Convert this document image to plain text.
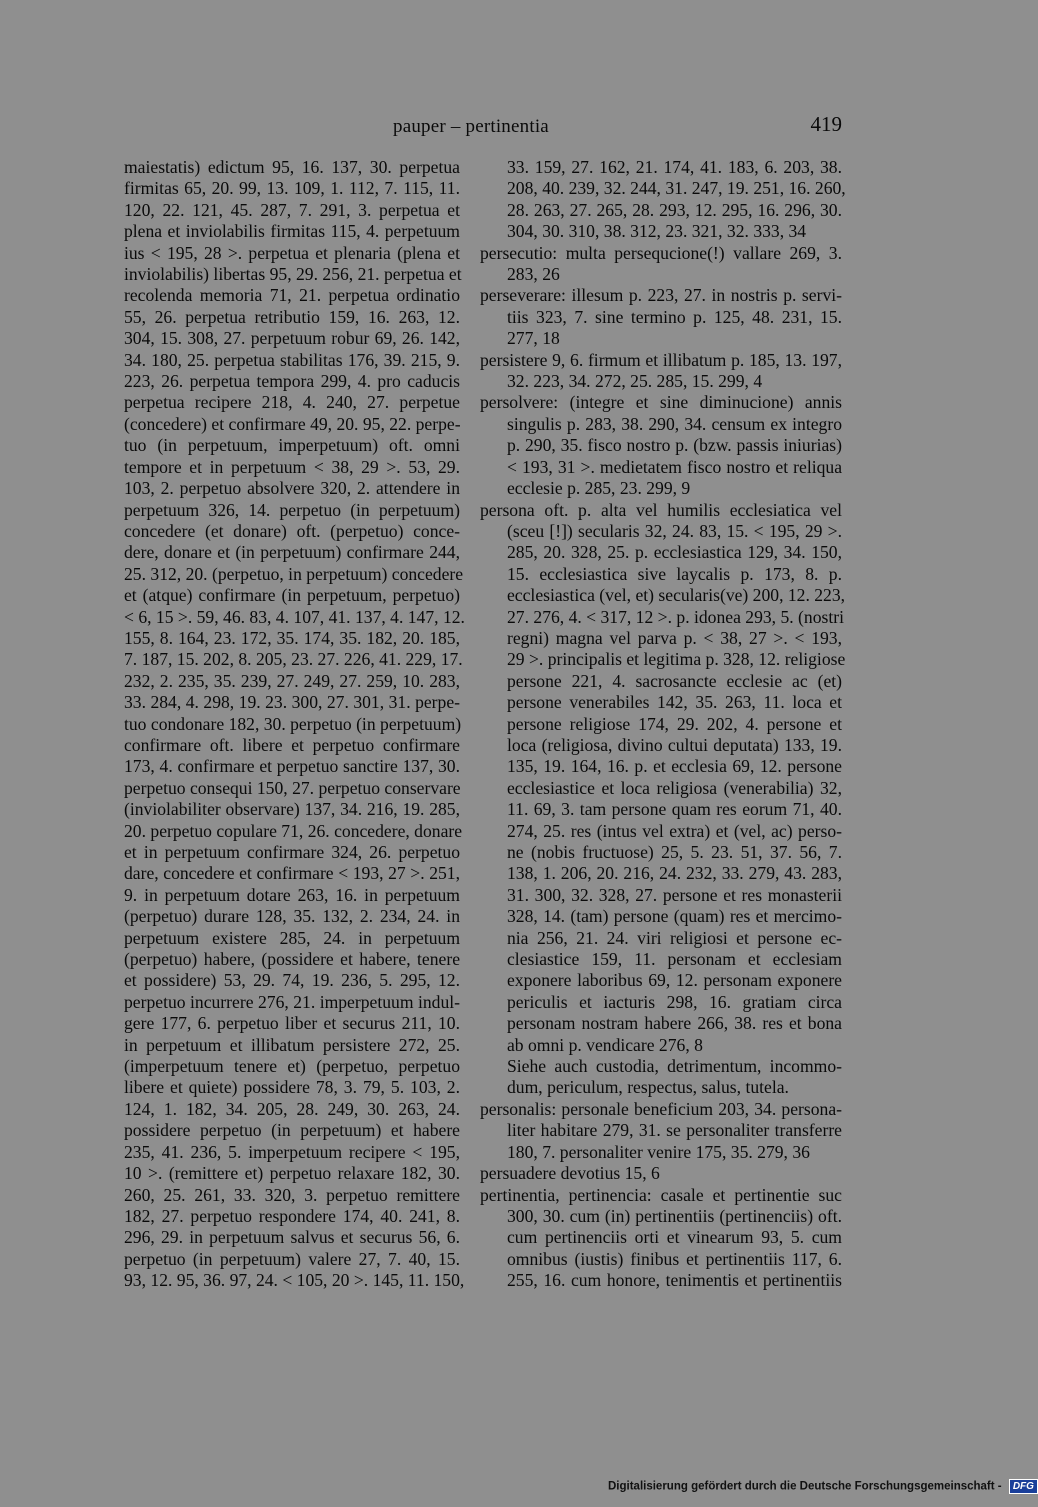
pauper – pertinentia	419
maiestatis) edictum 95, 16. 137, 30. perpetua
firmitas 65, 20. 99, 13. 109, 1. 112, 7. 115, 11.
120, 22. 121, 45. 287, 7. 291, 3. perpetua et
plena et inviolabilis firmitas 115, 4. perpetuum
ius < 195, 28 >. perpetua et plenaria (plena et
inviolabilis) libertas 95, 29. 256, 21. perpetua et
recolenda memoria 71, 21. perpetua ordinatio
55, 26. perpetua retributio 159, 16. 263, 12.
304, 15. 308, 27. perpetuum robur 69, 26. 142,
34. 180, 25. perpetua stabilitas 176, 39. 215, 9.
223, 26. perpetua tempora 299, 4. pro caducis
perpetua recipere 218, 4. 240, 27. perpetue
(concedere) et confirmare 49, 20. 95, 22. perpe-
tuo (in perpetuum, imperpetuum) oft. omni
tempore et in perpetuum < 38, 29 >. 53, 29.
103, 2. perpetuo absolvere 320, 2. attendere in
perpetuum 326, 14. perpetuo (in perpetuum)
concedere (et donare) oft. (perpetuo) conce-
dere, donare et (in perpetuum) confirmare 244,
25. 312, 20. (perpetuo, in perpetuum) concedere
et (atque) confirmare (in perpetuum, perpetuo)
< 6, 15 >. 59, 46. 83, 4. 107, 41. 137, 4. 147, 12.
155, 8. 164, 23. 172, 35. 174, 35. 182, 20. 185,
7. 187, 15. 202, 8. 205, 23. 27. 226, 41. 229, 17.
232, 2. 235, 35. 239, 27. 249, 27. 259, 10. 283,
33. 284, 4. 298, 19. 23. 300, 27. 301, 31. perpe-
tuo condonare 182, 30. perpetuo (in perpetuum)
confirmare oft. libere et perpetuo confirmare
173, 4. confirmare et perpetuo sanctire 137, 30.
perpetuo consequi 150, 27. perpetuo conservare
(inviolabiliter observare) 137, 34. 216, 19. 285,
20. perpetuo copulare 71, 26. concedere, donare
et in perpetuum confirmare 324, 26. perpetuo
dare, concedere et confirmare < 193, 27 >. 251,
9. in perpetuum dotare 263, 16. in perpetuum
(perpetuo) durare 128, 35. 132, 2. 234, 24. in
perpetuum existere 285, 24. in perpetuum
(perpetuo) habere, (possidere et habere, tenere
et possidere) 53, 29. 74, 19. 236, 5. 295, 12.
perpetuo incurrere 276, 21. imperpetuum indul-
gere 177, 6. perpetuo liber et securus 211, 10.
in perpetuum et illibatum persistere 272, 25.
(imperpetuum tenere et) (perpetuo, perpetuo
libere et quiete) possidere 78, 3. 79, 5. 103, 2.
124, 1. 182, 34. 205, 28. 249, 30. 263, 24.
possidere perpetuo (in perpetuum) et habere
235, 41. 236, 5. imperpetuum recipere < 195,
10 >. (remittere et) perpetuo relaxare 182, 30.
260, 25. 261, 33. 320, 3. perpetuo remittere
182, 27. perpetuo respondere 174, 40. 241, 8.
296, 29. in perpetuum salvus et securus 56, 6.
perpetuo (in perpetuum) valere 27, 7. 40, 15.
93, 12. 95, 36. 97, 24. < 105, 20 >. 145, 11. 150,
33. 159, 27. 162, 21. 174, 41. 183, 6. 203, 38.
208, 40. 239, 32. 244, 31. 247, 19. 251, 16. 260,
28. 263, 27. 265, 28. 293, 12. 295, 16. 296, 30.
304, 30. 310, 38. 312, 23. 321, 32. 333, 34
persecutio: multa persequcione(!) vallare 269, 3.
283, 26
perseverare: illesum p. 223, 27. in nostris p. servi-
tiis 323, 7. sine termino p. 125, 48. 231, 15.
277, 18
persistere 9, 6. firmum et illibatum p. 185, 13. 197,
32. 223, 34. 272, 25. 285, 15. 299, 4
persolvere: (integre et sine diminucione) annis
singulis p. 283, 38. 290, 34. censum ex integro
p. 290, 35. fisco nostro p. (bzw. passis iniurias)
< 193, 31 >. medietatem fisco nostro et reliqua
ecclesie p. 285, 23. 299, 9
persona oft. p. alta vel humilis ecclesiatica vel
(sceu [!]) secularis 32, 24. 83, 15. < 195, 29 >.
285, 20. 328, 25. p. ecclesiastica 129, 34. 150,
15. ecclesiastica sive laycalis p. 173, 8. p.
ecclesiastica (vel, et) secularis(ve) 200, 12. 223,
27. 276, 4. < 317, 12 >. p. idonea 293, 5. (nostri
regni) magna vel parva p. < 38, 27 >. < 193,
29 >. principalis et legitima p. 328, 12. religiose
persone 221, 4. sacrosancte ecclesie ac (et)
persone venerabiles 142, 35. 263, 11. loca et
persone religiose 174, 29. 202, 4. persone et
loca (religiosa, divino cultui deputata) 133, 19.
135, 19. 164, 16. p. et ecclesia 69, 12. persone
ecclesiastice et loca religiosa (venerabilia) 32,
11. 69, 3. tam persone quam res eorum 71, 40.
274, 25. res (intus vel extra) et (vel, ac) perso-
ne (nobis fructuose) 25, 5. 23. 51, 37. 56, 7.
138, 1. 206, 20. 216, 24. 232, 33. 279, 43. 283,
31. 300, 32. 328, 27. persone et res monasterii
328, 14. (tam) persone (quam) res et mercimo-
nia 256, 21. 24. viri religiosi et persone ec-
clesiastice 159, 11. personam et ecclesiam
exponere laboribus 69, 12. personam exponere
periculis et iacturis 298, 16. gratiam circa
personam nostram habere 266, 38. res et bona
ab omni p. vendicare 276, 8
Siehe auch custodia, detrimentum, incommo-
dum, periculum, respectus, salus, tutela.
personalis: personale beneficium 203, 34. persona-
liter habitare 279, 31. se personaliter transferre
180, 7. personaliter venire 175, 35. 279, 36
persuadere devotius 15, 6
pertinentia, pertinencia: casale et pertinentie suc
300, 30. cum (in) pertinentiis (pertinenciis) oft.
cum pertinenciis orti et vinearum 93, 5. cum
omnibus (iustis) finibus et pertinentiis 117, 6.
255, 16. cum honore, tenimentis et pertinentiis
Digitalisierung gefördert durch die Deutsche Forschungsgemeinschaft - DFG
